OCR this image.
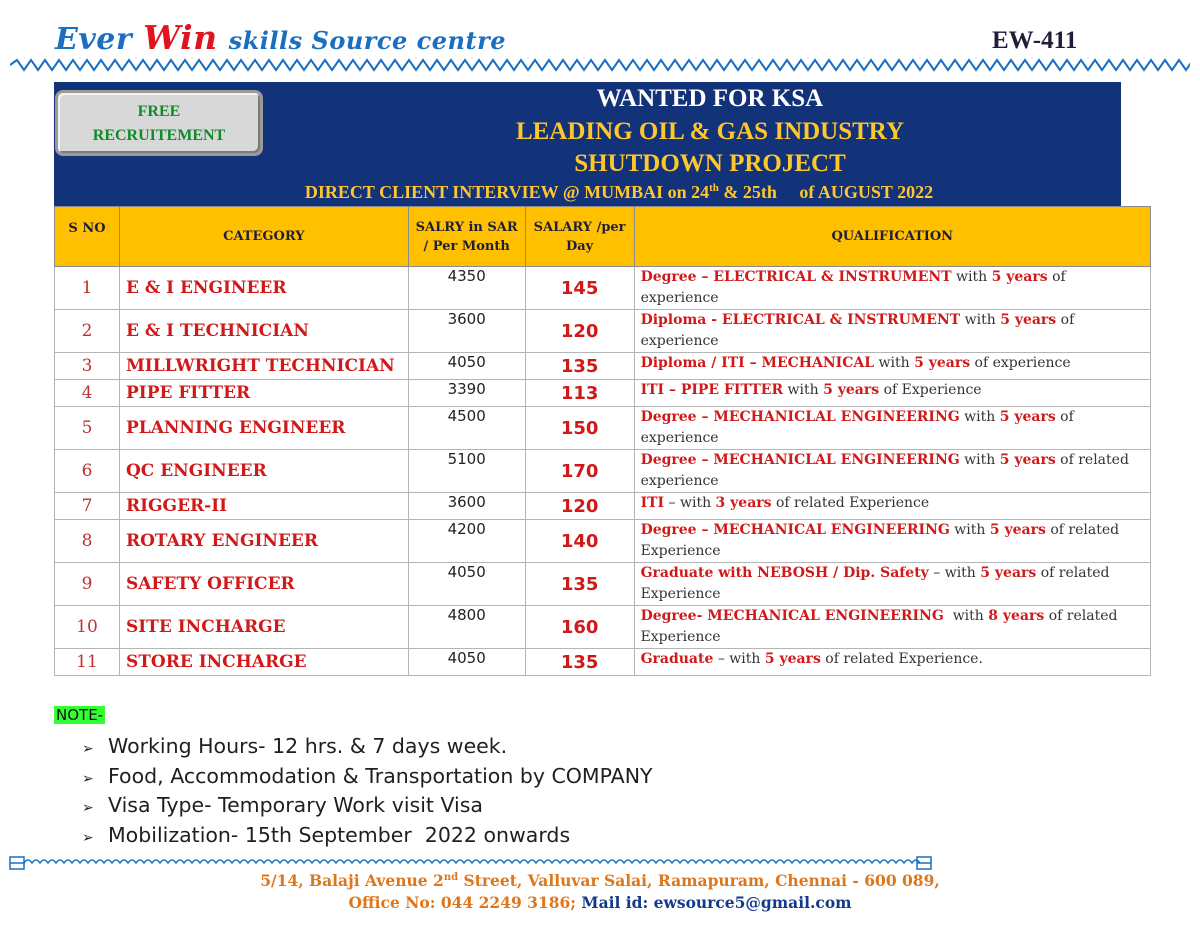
Ever Win skills Source centre	EW-411
FREE
RECRUITEMENT
WANTED FOR KSA
LEADING OIL & GAS INDUSTRY
SHUTDOWN PROJECT
DIRECT CLIENT INTERVIEW @ MUMBAI on 24th & 25th     of AUGUST 2022
S NO	CATEGORY	SALRY in SAR / Per Month	SALARY /per Day	QUALIFICATION
1	E & I ENGINEER	4350	145	Degree – ELECTRICAL & INSTRUMENT with 5 years of experience
2	E & I TECHNICIAN	3600	120	Diploma - ELECTRICAL & INSTRUMENT with 5 years of experience
3	MILLWRIGHT TECHNICIAN	4050	135	Diploma / ITI – MECHANICAL with 5 years of experience
4	PIPE FITTER	3390	113	ITI – PIPE FITTER with 5 years of Experience
5	PLANNING ENGINEER	4500	150	Degree – MECHANICLAL ENGINEERING with 5 years of experience
6	QC ENGINEER	5100	170	Degree – MECHANICLAL ENGINEERING with 5 years of related experience
7	RIGGER-II	3600	120	ITI – with 3 years of related Experience
8	ROTARY ENGINEER	4200	140	Degree – MECHANICAL ENGINEERING with 5 years of related Experience
9	SAFETY OFFICER	4050	135	Graduate with NEBOSH / Dip. Safety – with 5 years of related Experience
10	SITE INCHARGE	4800	160	Degree- MECHANICAL ENGINEERING  with 8 years of related Experience
11	STORE INCHARGE	4050	135	Graduate – with 5 years of related Experience.
NOTE-
➢ Working Hours- 12 hrs. & 7 days week.
➢ Food, Accommodation & Transportation by COMPANY
➢ Visa Type- Temporary Work visit Visa
➢ Mobilization- 15th September  2022 onwards
5/14, Balaji Avenue 2nd Street, Valluvar Salai, Ramapuram, Chennai - 600 089,
Office No: 044 2249 3186; Mail id: ewsource5@gmail.com
